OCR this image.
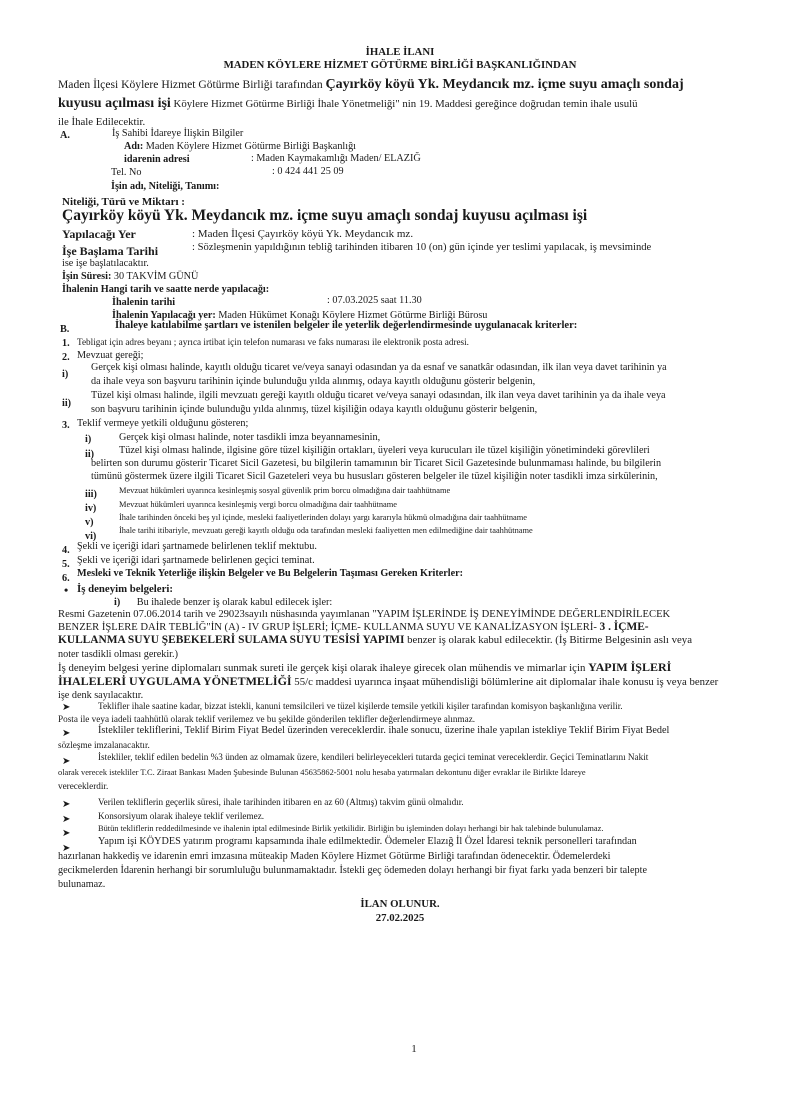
İHALE İLANI
MADEN KÖYLERE HİZMET GÖTÜRME BİRLİĞİ BAŞKANLIĞINDAN
Maden İlçesi Köylere Hizmet Götürme Birliği tarafından Çayırköy köyü Yk. Meydancık mz. içme suyu amaçlı sondaj
kuyusu açılması işi Köylere Hizmet Götürme Birliği İhale Yönetmeliği" nin 19. Maddesi gereğince doğrudan temin ihale usulü
ile İhale Edilecektir.
A.	İş Sahibi İdareye İlişkin Bilgiler
Adı: Maden Köylere Hizmet Götürme Birliği Başkanlığı
idarenin adresi	: Maden Kaymakamlığı Maden/ ELAZIĞ
Tel. No	: 0 424 441 25 09
İşin adı, Niteliği, Tanımı:
Niteliği, Türü ve Miktarı :
Çayırköy köyü Yk. Meydancık mz. içme suyu amaçlı sondaj kuyusu açılması işi
Yapılacağı Yer	: Maden İlçesi Çayırköy köyü Yk. Meydancık mz.
İşe Başlama Tarihi	: Sözleşmenin yapıldığının tebliğ tarihinden itibaren 10 (on) gün içinde yer teslimi yapılacak, iş mevsiminde
ise işe başlatılacaktır.
İşin Süresi: 30 TAKVİM GÜNÜ
İhalenin Hangi tarih ve saatte nerde yapılacağı:
İhalenin tarihi	: 07.03.2025 saat 11.30
İhalenin Yapılacağı yer: Maden Hükümet Konağı Köylere Hizmet Götürme Birliği Bürosu
B.	İhaleye katılabilme şartları ve istenilen belgeler ile yeterlik değerlendirmesinde uygulanacak kriterler:
1. Tebligat için adres beyanı ; ayrıca irtibat için telefon numarası ve faks numarası ile elektronik posta adresi.
2. Mevzuat gereği;
i)
Gerçek kişi olması halinde, kayıtlı olduğu ticaret ve/veya sanayi odasından ya da esnaf ve sanatkâr odasından, ilk ilan veya davet tarihinin ya
da ihale veya son başvuru tarihinin içinde bulunduğu yılda alınmış, odaya kayıtlı olduğunu gösterir belgenin,
ii)
Tüzel kişi olması halinde, ilgili mevzuatı gereği kayıtlı olduğu ticaret ve/veya sanayi odasından, ilk ilan veya davet tarihinin ya da ihale veya
son başvuru tarihinin içinde bulunduğu yılda alınmış, tüzel kişiliğin odaya kayıtlı olduğunu gösterir belgenin,
3. Teklif vermeye yetkili olduğunu gösteren;
i)	Gerçek kişi olması halinde, noter tasdikli imza beyannamesinin,
ii) Tüzel kişi olması halinde, ilgisine göre tüzel kişiliğin ortakları, üyeleri veya kurucuları ile tüzel kişiliğin yönetimindeki görevlileri
belirten son durumu gösterir Ticaret Sicil Gazetesi, bu bilgilerin tamamının bir Ticaret Sicil Gazetesinde bulunmaması halinde, bu bilgilerin
tümünü göstermek üzere ilgili Ticaret Sicil Gazeteleri veya bu hususları gösteren belgeler ile tüzel kişiliğin noter tasdikli imza sirkülerinin,
iii)	Mevzuat hükümleri uyarınca kesinleşmiş sosyal güvenlik prim borcu olmadığına dair taahhütname
iv)	Mevzuat hükümleri uyarınca kesinleşmiş vergi borcu olmadığına dair taahhütname
v)	İhale tarihinden önceki beş yıl içinde, mesleki faaliyetlerinden dolayı yargı kararıyla hükmü olmadığına dair taahhütname
vi)
İhale tarihi itibariyle, mevzuatı gereği kayıtlı olduğu oda tarafından mesleki faaliyetten men edilmediğine dair taahhütname
4. Şekli ve içeriği idari şartnamede belirlenen teklif mektubu.
5. Şekli ve içeriği idari şartnamede belirlenen geçici teminat.
6. Mesleki ve Teknik Yeterliğe ilişkin Belgeler ve Bu Belgelerin Taşıması Gereken Kriterler:
• İş deneyim belgeleri:
i) Bu ihalede benzer iş olarak kabul edilecek işler:
Resmi Gazetenin 07.06.2014 tarih ve 29023sayılı nüshasında yayımlanan "YAPIM İŞLERİNDE İŞ DENEYİMİNDE DEĞERLENDİRİLECEK
BENZER İŞLERE DAİR TEBLİĞ"İN (A) - IV GRUP İŞLERİ; İÇME- KULLANMA SUYU VE KANALİZASYON İŞLERİ- 3 . İÇME-
KULLANMA SUYU ŞEBEKELERİ SULAMA SUYU TESİSİ YAPIMI benzer iş olarak kabul edilecektir. (İş Bitirme Belgesinin aslı veya
noter tasdikli olması gerekir.)
İş deneyim belgesi yerine diplomaları sunmak sureti ile gerçek kişi olarak ihaleye girecek olan mühendis ve mimarlar için YAPIM İŞLERİ
İHALELERİ UYGULAMA YÖNETMELİĞİ 55/c maddesi uyarınca inşaat mühendisliği bölümlerine ait diplomalar ihale konusu iş veya benzer
işe denk sayılacaktır.
➤	Teklifler ihale saatine kadar, bizzat istekli, kanuni temsilcileri ve tüzel kişilerde temsile yetkili kişiler tarafından komisyon başkanlığına verilir.
Posta ile veya iadeli taahhütlü olarak teklif verilemez ve bu şekilde gönderilen teklifler değerlendirmeye alınmaz.
➤	İstekliler tekliflerini, Teklif Birim Fiyat Bedel üzerinden vereceklerdir. ihale sonucu, üzerine ihale yapılan istekliye Teklif Birim Fiyat Bedel
sözleşme imzalanacaktır.
➤	İstekliler, teklif edilen bedelin %3 ünden az olmamak üzere, kendileri belirleyecekleri tutarda geçici teminat vereceklerdir. Geçici Teminatlarını Nakit
olarak verecek istekliler T.C. Ziraat Bankası Maden Şubesinde Bulunan 45635862-5001 nolu hesaba yatırmaları dekontunu diğer evraklar ile Birlikte İdareye
vereceklerdir.
➤	Verilen tekliflerin geçerlik süresi, ihale tarihinden itibaren en az 60 (Altmış) takvim günü olmalıdır.
➤	Konsorsiyum olarak ihaleye teklif verilemez.
➤	Bütün tekliflerin reddedilmesinde ve ihalenin iptal edilmesinde Birlik yetkilidir. Birliğin bu işleminden dolayı herhangi bir hak talebinde bulunulamaz.
➤
Yapım işi KÖYDES yatırım programı kapsamında ihale edilmektedir. Ödemeler Elazığ İl Özel İdaresi teknik personelleri tarafından
hazırlanan hakkediş ve idarenin emri imzasına müteakip Maden Köylere Hizmet Götürme Birliği tarafından ödenecektir. Ödemelerdeki
gecikmelerden İdarenin herhangi bir sorumluluğu bulunmamaktadır. İstekli geç ödemeden dolayı herhangi bir fiyat farkı yada benzeri bir talepte
bulunamaz.
İLAN OLUNUR.
27.02.2025
1
